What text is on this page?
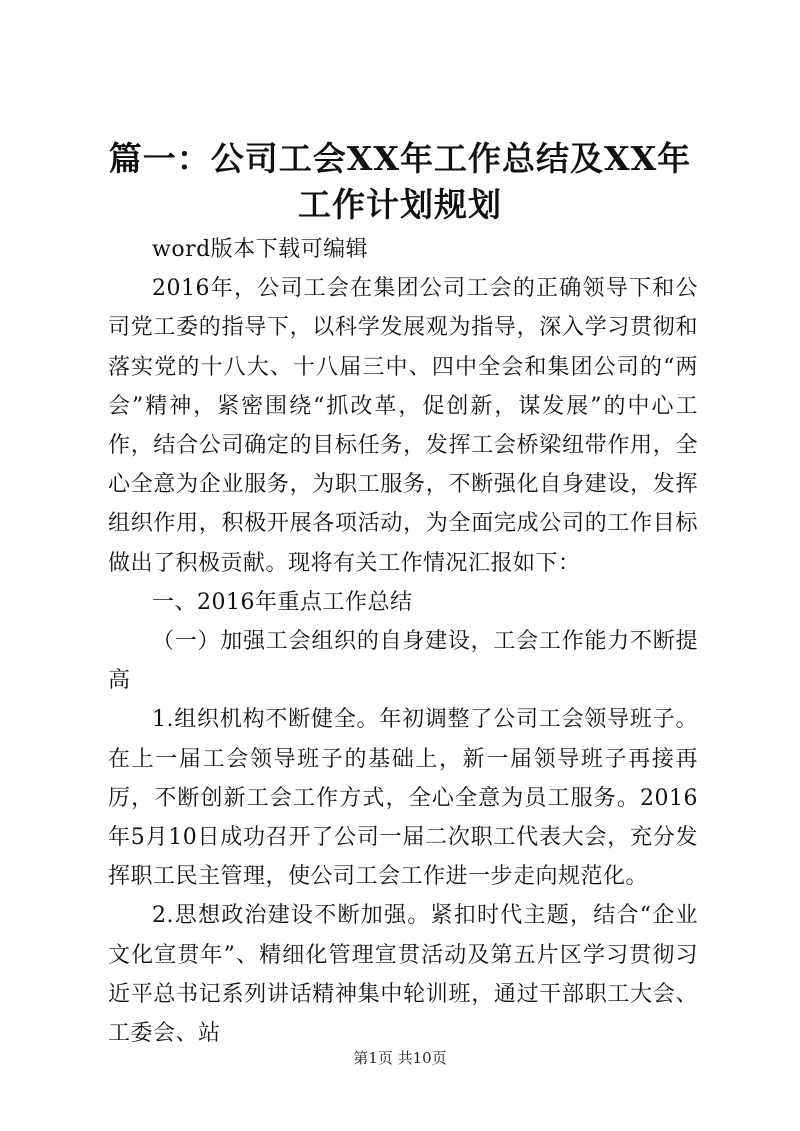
篇一：公司工会XX年工作总结及XX年工作计划规划

word版本下载可编辑

2016年，公司工会在集团公司工会的正确领导下和公司党工委的指导下，以科学发展观为指导，深入学习贯彻和落实党的十八大、十八届三中、四中全会和集团公司的“两会”精神，紧密围绕“抓改革，促创新，谋发展”的中心工作，结合公司确定的目标任务，发挥工会桥梁纽带作用，全心全意为企业服务，为职工服务，不断强化自身建设，发挥组织作用，积极开展各项活动，为全面完成公司的工作目标做出了积极贡献。现将有关工作情况汇报如下：

一、2016年重点工作总结

（一）加强工会组织的自身建设，工会工作能力不断提高

1.组织机构不断健全。年初调整了公司工会领导班子。在上一届工会领导班子的基础上，新一届领导班子再接再厉，不断创新工会工作方式，全心全意为员工服务。2016年5月10日成功召开了公司一届二次职工代表大会，充分发挥职工民主管理，使公司工会工作进一步走向规范化。

2.思想政治建设不断加强。紧扣时代主题，结合“企业文化宣贯年”、精细化管理宣贯活动及第五片区学习贯彻习近平总书记系列讲话精神集中轮训班，通过干部职工大会、工委会、站

第1页 共10页
